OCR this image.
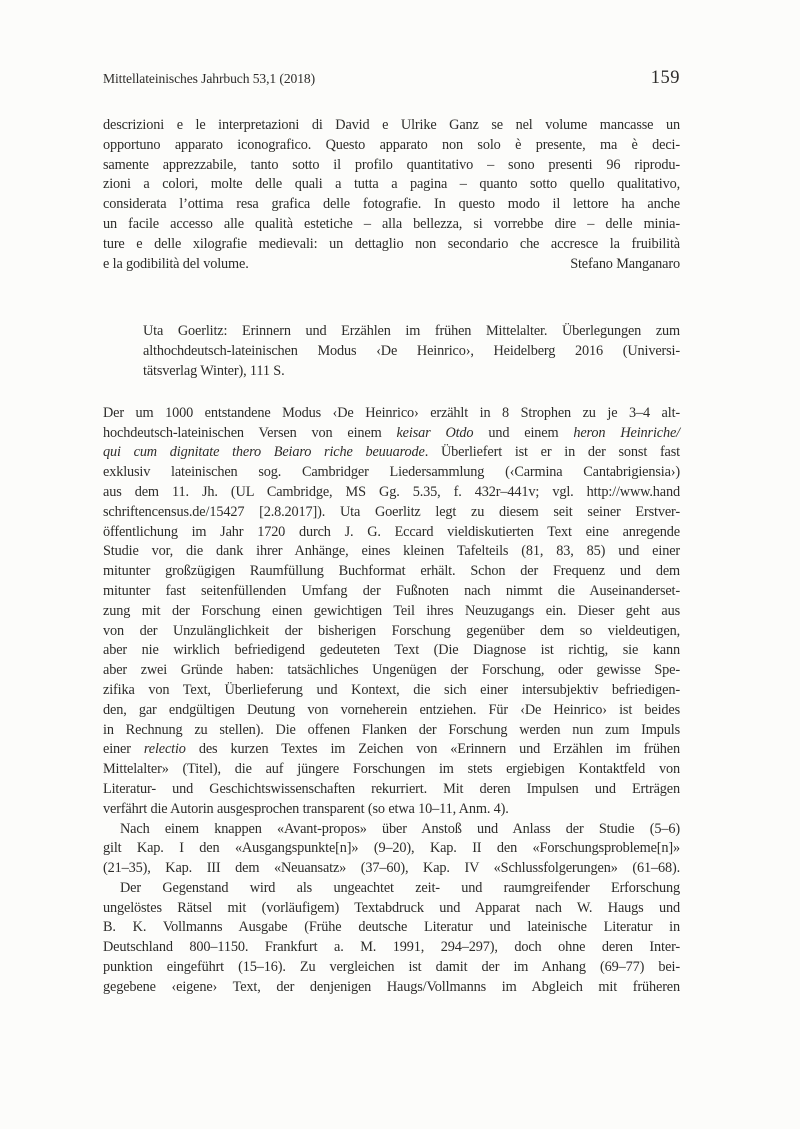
Mittellateinisches Jahrbuch 53,1 (2018)	159
descrizioni e le interpretazioni di David e Ulrike Ganz se nel volume mancasse un
opportuno apparato iconografico. Questo apparato non solo è presente, ma è deci-
samente apprezzabile, tanto sotto il profilo quantitativo – sono presenti 96 riprodu-
zioni a colori, molte delle quali a tutta a pagina – quanto sotto quello qualitativo,
considerata l’ottima resa grafica delle fotografie. In questo modo il lettore ha anche
un facile accesso alle qualità estetiche – alla bellezza, si vorrebbe dire – delle minia-
ture e delle xilografie medievali: un dettaglio non secondario che accresce la fruibilità
e la godibilità del volume.	Stefano Manganaro
Uta Goerlitz: Erinnern und Erzählen im frühen Mittelalter. Überlegungen zum
althochdeutsch-lateinischen Modus ‹De Heinrico›, Heidelberg 2016 (Universi-
tätsverlag Winter), 111 S.
Der um 1000 entstandene Modus ‹De Heinrico› erzählt in 8 Strophen zu je 3–4 alt-
hochdeutsch-lateinischen Versen von einem keisar Otdo und einem heron Heinriche/
qui cum dignitate thero Beiaro riche beuuarode. Überliefert ist er in der sonst fast
exklusiv lateinischen sog. Cambridger Liedersammlung (‹Carmina Cantabrigiensia›)
aus dem 11. Jh. (UL Cambridge, MS Gg. 5.35, f. 432r–441v; vgl. http://www.hand
schriftencensus.de/15427 [2.8.2017]). Uta Goerlitz legt zu diesem seit seiner Erstver-
öffentlichung im Jahr 1720 durch J. G. Eccard vieldiskutierten Text eine anregende
Studie vor, die dank ihrer Anhänge, eines kleinen Tafelteils (81, 83, 85) und einer
mitunter großzügigen Raumfüllung Buchformat erhält. Schon der Frequenz und dem
mitunter fast seitenfüllenden Umfang der Fußnoten nach nimmt die Auseinanderset-
zung mit der Forschung einen gewichtigen Teil ihres Neuzugangs ein. Dieser geht aus
von der Unzulänglichkeit der bisherigen Forschung gegenüber dem so vieldeutigen,
aber nie wirklich befriedigend gedeuteten Text (Die Diagnose ist richtig, sie kann
aber zwei Gründe haben: tatsächliches Ungenügen der Forschung, oder gewisse Spe-
zifika von Text, Überlieferung und Kontext, die sich einer intersubjektiv befriedigen-
den, gar endgültigen Deutung von vorneherein entziehen. Für ‹De Heinrico› ist beides
in Rechnung zu stellen). Die offenen Flanken der Forschung werden nun zum Impuls
einer relectio des kurzen Textes im Zeichen von «Erinnern und Erzählen im frühen
Mittelalter» (Titel), die auf jüngere Forschungen im stets ergiebigen Kontaktfeld von
Literatur- und Geschichtswissenschaften rekurriert. Mit deren Impulsen und Erträgen
verfährt die Autorin ausgesprochen transparent (so etwa 10–11, Anm. 4).
Nach einem knappen «Avant-propos» über Anstoß und Anlass der Studie (5–6)
gilt Kap. I den «Ausgangspunkte[n]» (9–20), Kap. II den «Forschungsprobleme[n]»
(21–35), Kap. III dem «Neuansatz» (37–60), Kap. IV «Schlussfolgerungen» (61–68).
Der Gegenstand wird als ungeachtet zeit- und raumgreifender Erforschung
ungelöstes Rätsel mit (vorläufigem) Textabdruck und Apparat nach W. Haugs und
B. K. Vollmanns Ausgabe (Frühe deutsche Literatur und lateinische Literatur in
Deutschland 800–1150. Frankfurt a. M. 1991, 294–297), doch ohne deren Inter-
punktion eingeführt (15–16). Zu vergleichen ist damit der im Anhang (69–77) bei-
gegebene ‹eigene› Text, der denjenigen Haugs/Vollmanns im Abgleich mit früheren
